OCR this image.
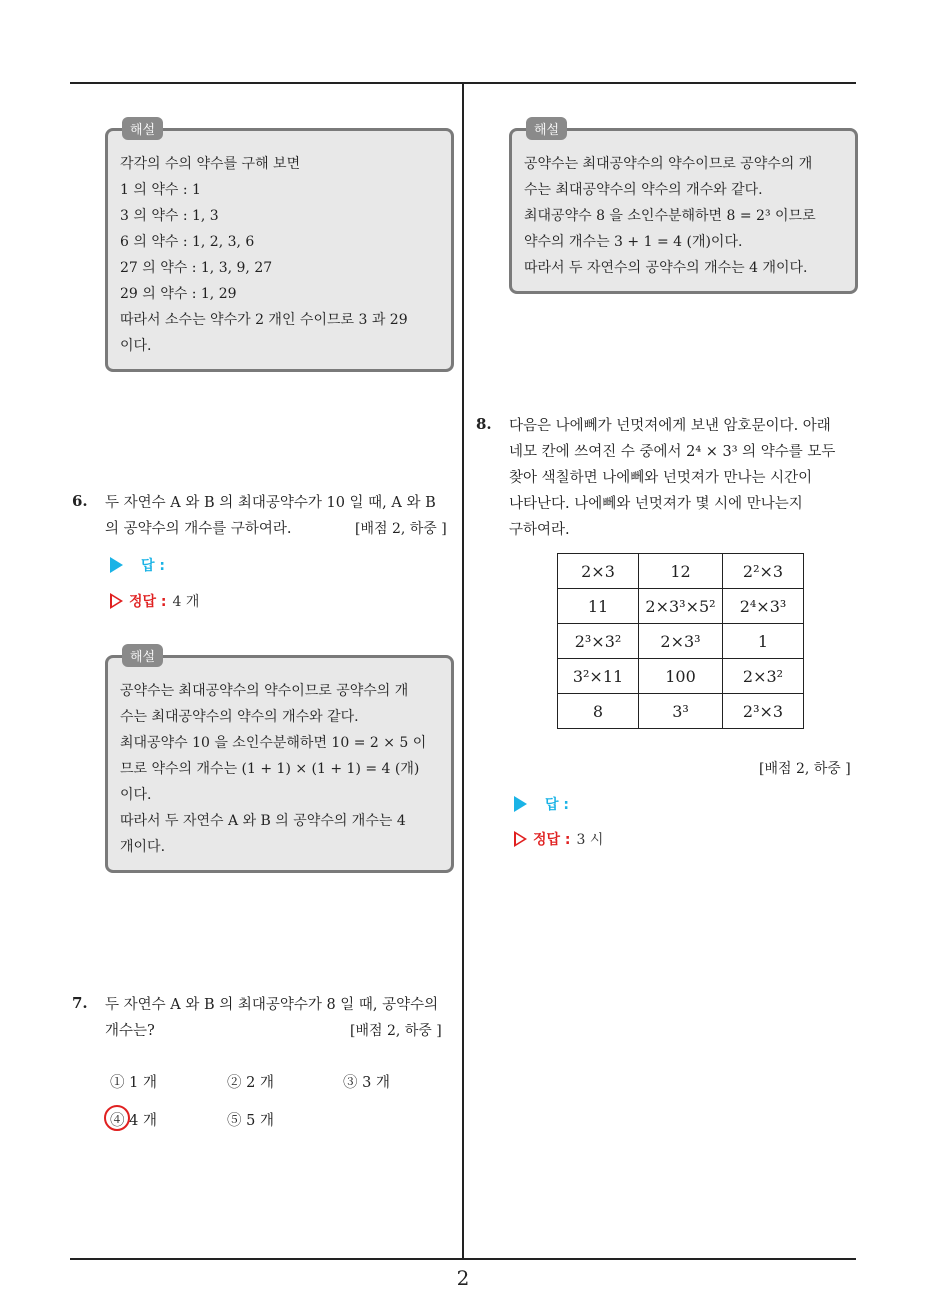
해설
각각의 수의 약수를 구해 보면
1 의 약수 : 1
3 의 약수 : 1, 3
6 의 약수 : 1, 2, 3, 6
27 의 약수 : 1, 3, 9, 27
29 의 약수 : 1, 29
따라서 소수는 약수가 2 개인 수이므로 3 과 29
이다.
6. 두 자연수 A 와 B 의 최대공약수가 10 일 때, A 와 B
의 공약수의 개수를 구하여라.	[배점 2, 하중 ]
답 :
정답 : 4 개
해설
공약수는 최대공약수의 약수이므로 공약수의 개
수는 최대공약수의 약수의 개수와 같다.
최대공약수 10 을 소인수분해하면 10 = 2 × 5 이
므로 약수의 개수는 (1 + 1) × (1 + 1) = 4 (개)
이다.
따라서 두 자연수 A 와 B 의 공약수의 개수는 4
개이다.
7. 두 자연수 A 와 B 의 최대공약수가 8 일 때, 공약수의
개수는?	[배점 2, 하중 ]
① 1 개	② 2 개	③ 3 개
④ 4 개	⑤ 5 개
해설
공약수는 최대공약수의 약수이므로 공약수의 개
수는 최대공약수의 약수의 개수와 같다.
최대공약수 8 을 소인수분해하면 8 = 2³ 이므로
약수의 개수는 3 + 1 = 4 (개)이다.
따라서 두 자연수의 공약수의 개수는 4 개이다.
8. 다음은 나에뻬가 넌멋져에게 보낸 암호문이다. 아래
네모 칸에 쓰여진 수 중에서 2⁴ × 3³ 의 약수를 모두
찾아 색칠하면 나에뻬와 넌멋져가 만나는 시간이
나타난다. 나에뻬와 넌멋져가 몇 시에 만나는지
구하여라.
2×3	12	2²×3
11	2×3³×5²	2⁴×3³
2³×3²	2×3³	1
3²×11	100	2×3²
8	3³	2³×3
[배점 2, 하중 ]
답 :
정답 : 3 시
2
